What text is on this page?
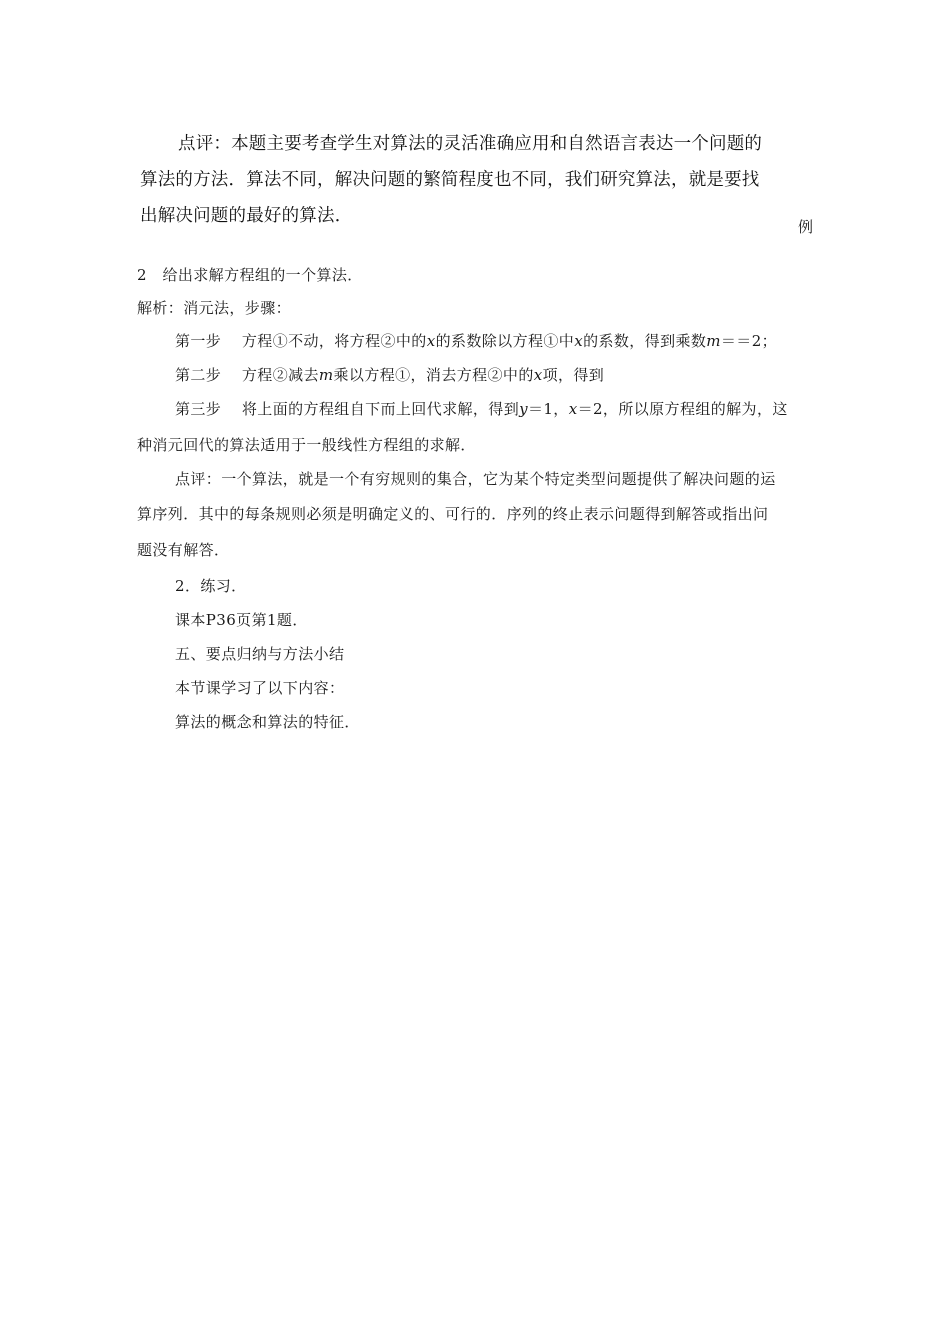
点评：本题主要考查学生对算法的灵活准确应用和自然语言表达一个问题的
算法的方法．算法不同，解决问题的繁简程度也不同，我们研究算法，就是要找
出解决问题的最好的算法．
例
2 给出求解方程组的一个算法．
解析：消元法，步骤：
第一步 方程①不动，将方程②中的x的系数除以方程①中x的系数，得到乘数m＝＝2；
第二步 方程②减去m乘以方程①，消去方程②中的x项，得到
第三步 将上面的方程组自下而上回代求解，得到y＝1，x＝2，所以原方程组的解为，这
种消元回代的算法适用于一般线性方程组的求解．
点评：一个算法，就是一个有穷规则的集合，它为某个特定类型问题提供了解决问题的运
算序列．其中的每条规则必须是明确定义的、可行的．序列的终止表示问题得到解答或指出问
题没有解答．
2．练习．
课本P36页第1题．
五、要点归纳与方法小结
本节课学习了以下内容：
算法的概念和算法的特征．
